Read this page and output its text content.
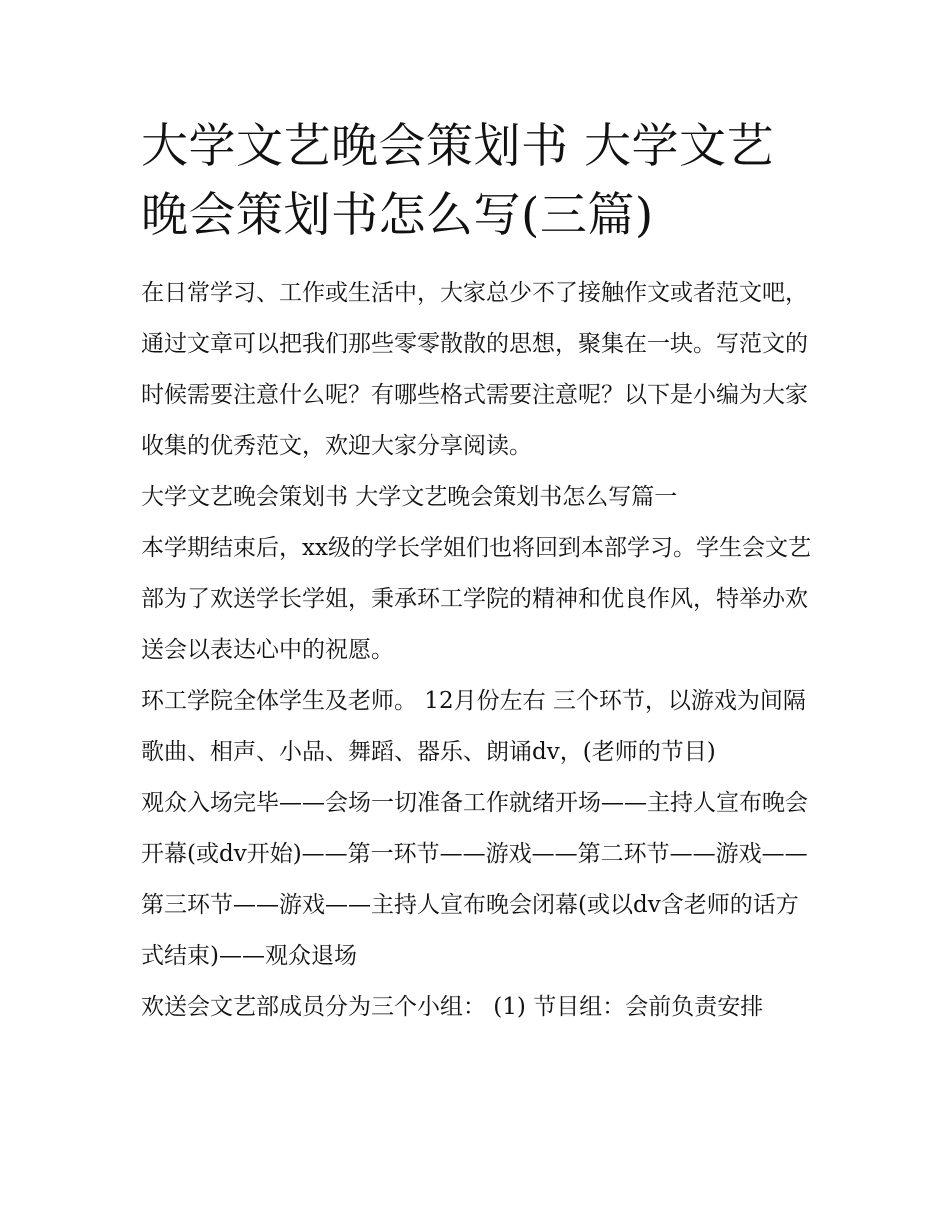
大学文艺晚会策划书 大学文艺晚会策划书怎么写(三篇)

在日常学习、工作或生活中，大家总少不了接触作文或者范文吧，通过文章可以把我们那些零零散散的思想，聚集在一块。写范文的时候需要注意什么呢？有哪些格式需要注意呢？以下是小编为大家收集的优秀范文，欢迎大家分享阅读。

大学文艺晚会策划书 大学文艺晚会策划书怎么写篇一

本学期结束后，xx级的学长学姐们也将回到本部学习。学生会文艺部为了欢送学长学姐，秉承环工学院的精神和优良作风，特举办欢送会以表达心中的祝愿。

环工学院全体学生及老师。 12月份左右 三个环节，以游戏为间隔 歌曲、相声、小品、舞蹈、器乐、朗诵dv，(老师的节目)

观众入场完毕——会场一切准备工作就绪开场——主持人宣布晚会开幕(或dv开始)——第一环节——游戏——第二环节——游戏——第三环节——游戏——主持人宣布晚会闭幕(或以dv含老师的话方式结束)——观众退场

欢送会文艺部成员分为三个小组： (1) 节目组：会前负责安排
